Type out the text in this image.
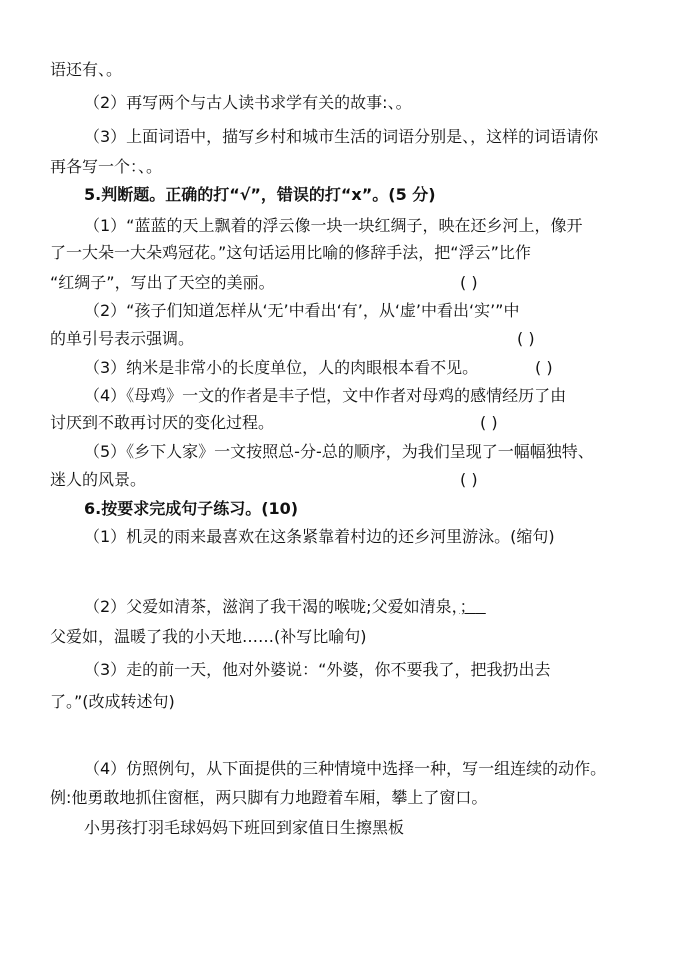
语还有、。
（2）再写两个与古人读书求学有关的故事:、。
（3）上面词语中，描写乡村和城市生活的词语分别是、，这样的词语请你
再各写一个：、。
5.判断题。正确的打“√”，错误的打“x”。(5 分)
（1）“蓝蓝的天上飘着的浮云像一块一块红绸子，映在还乡河上，像开
了一大朵一大朵鸡冠花。”这句话运用比喻的修辞手法，把“浮云”比作
“红绸子”，写出了天空的美丽。	( )
（2）“孩子们知道怎样从‘无’中看出‘有’，从‘虚’中看出‘实’”中
的单引号表示强调。	( )
（3）纳米是非常小的长度单位，人的肉眼根本看不见。	( )
（4）《母鸡》一文的作者是丰子恺，文中作者对母鸡的感情经历了由
讨厌到不敢再讨厌的变化过程。	( )
（5）《乡下人家》一文按照总-分-总的顺序，为我们呈现了一幅幅独特、
迷人的风景。	( )
6.按要求完成句子练习。(10)
（1）机灵的雨来最喜欢在这条紧靠着村边的还乡河里游泳。(缩句)
（2）父爱如清茶，滋润了我干渴的喉咙;父爱如清泉，；
父爱如，温暖了我的小天地……(补写比喻句)
（3）走的前一天，他对外婆说：“外婆，你不要我了，把我扔出去
了。”(改成转述句)
（4）仿照例句，从下面提供的三种情境中选择一种，写一组连续的动作。
例:他勇敢地抓住窗框，两只脚有力地蹬着车厢，攀上了窗口。
小男孩打羽毛球妈妈下班回到家值日生擦黑板
